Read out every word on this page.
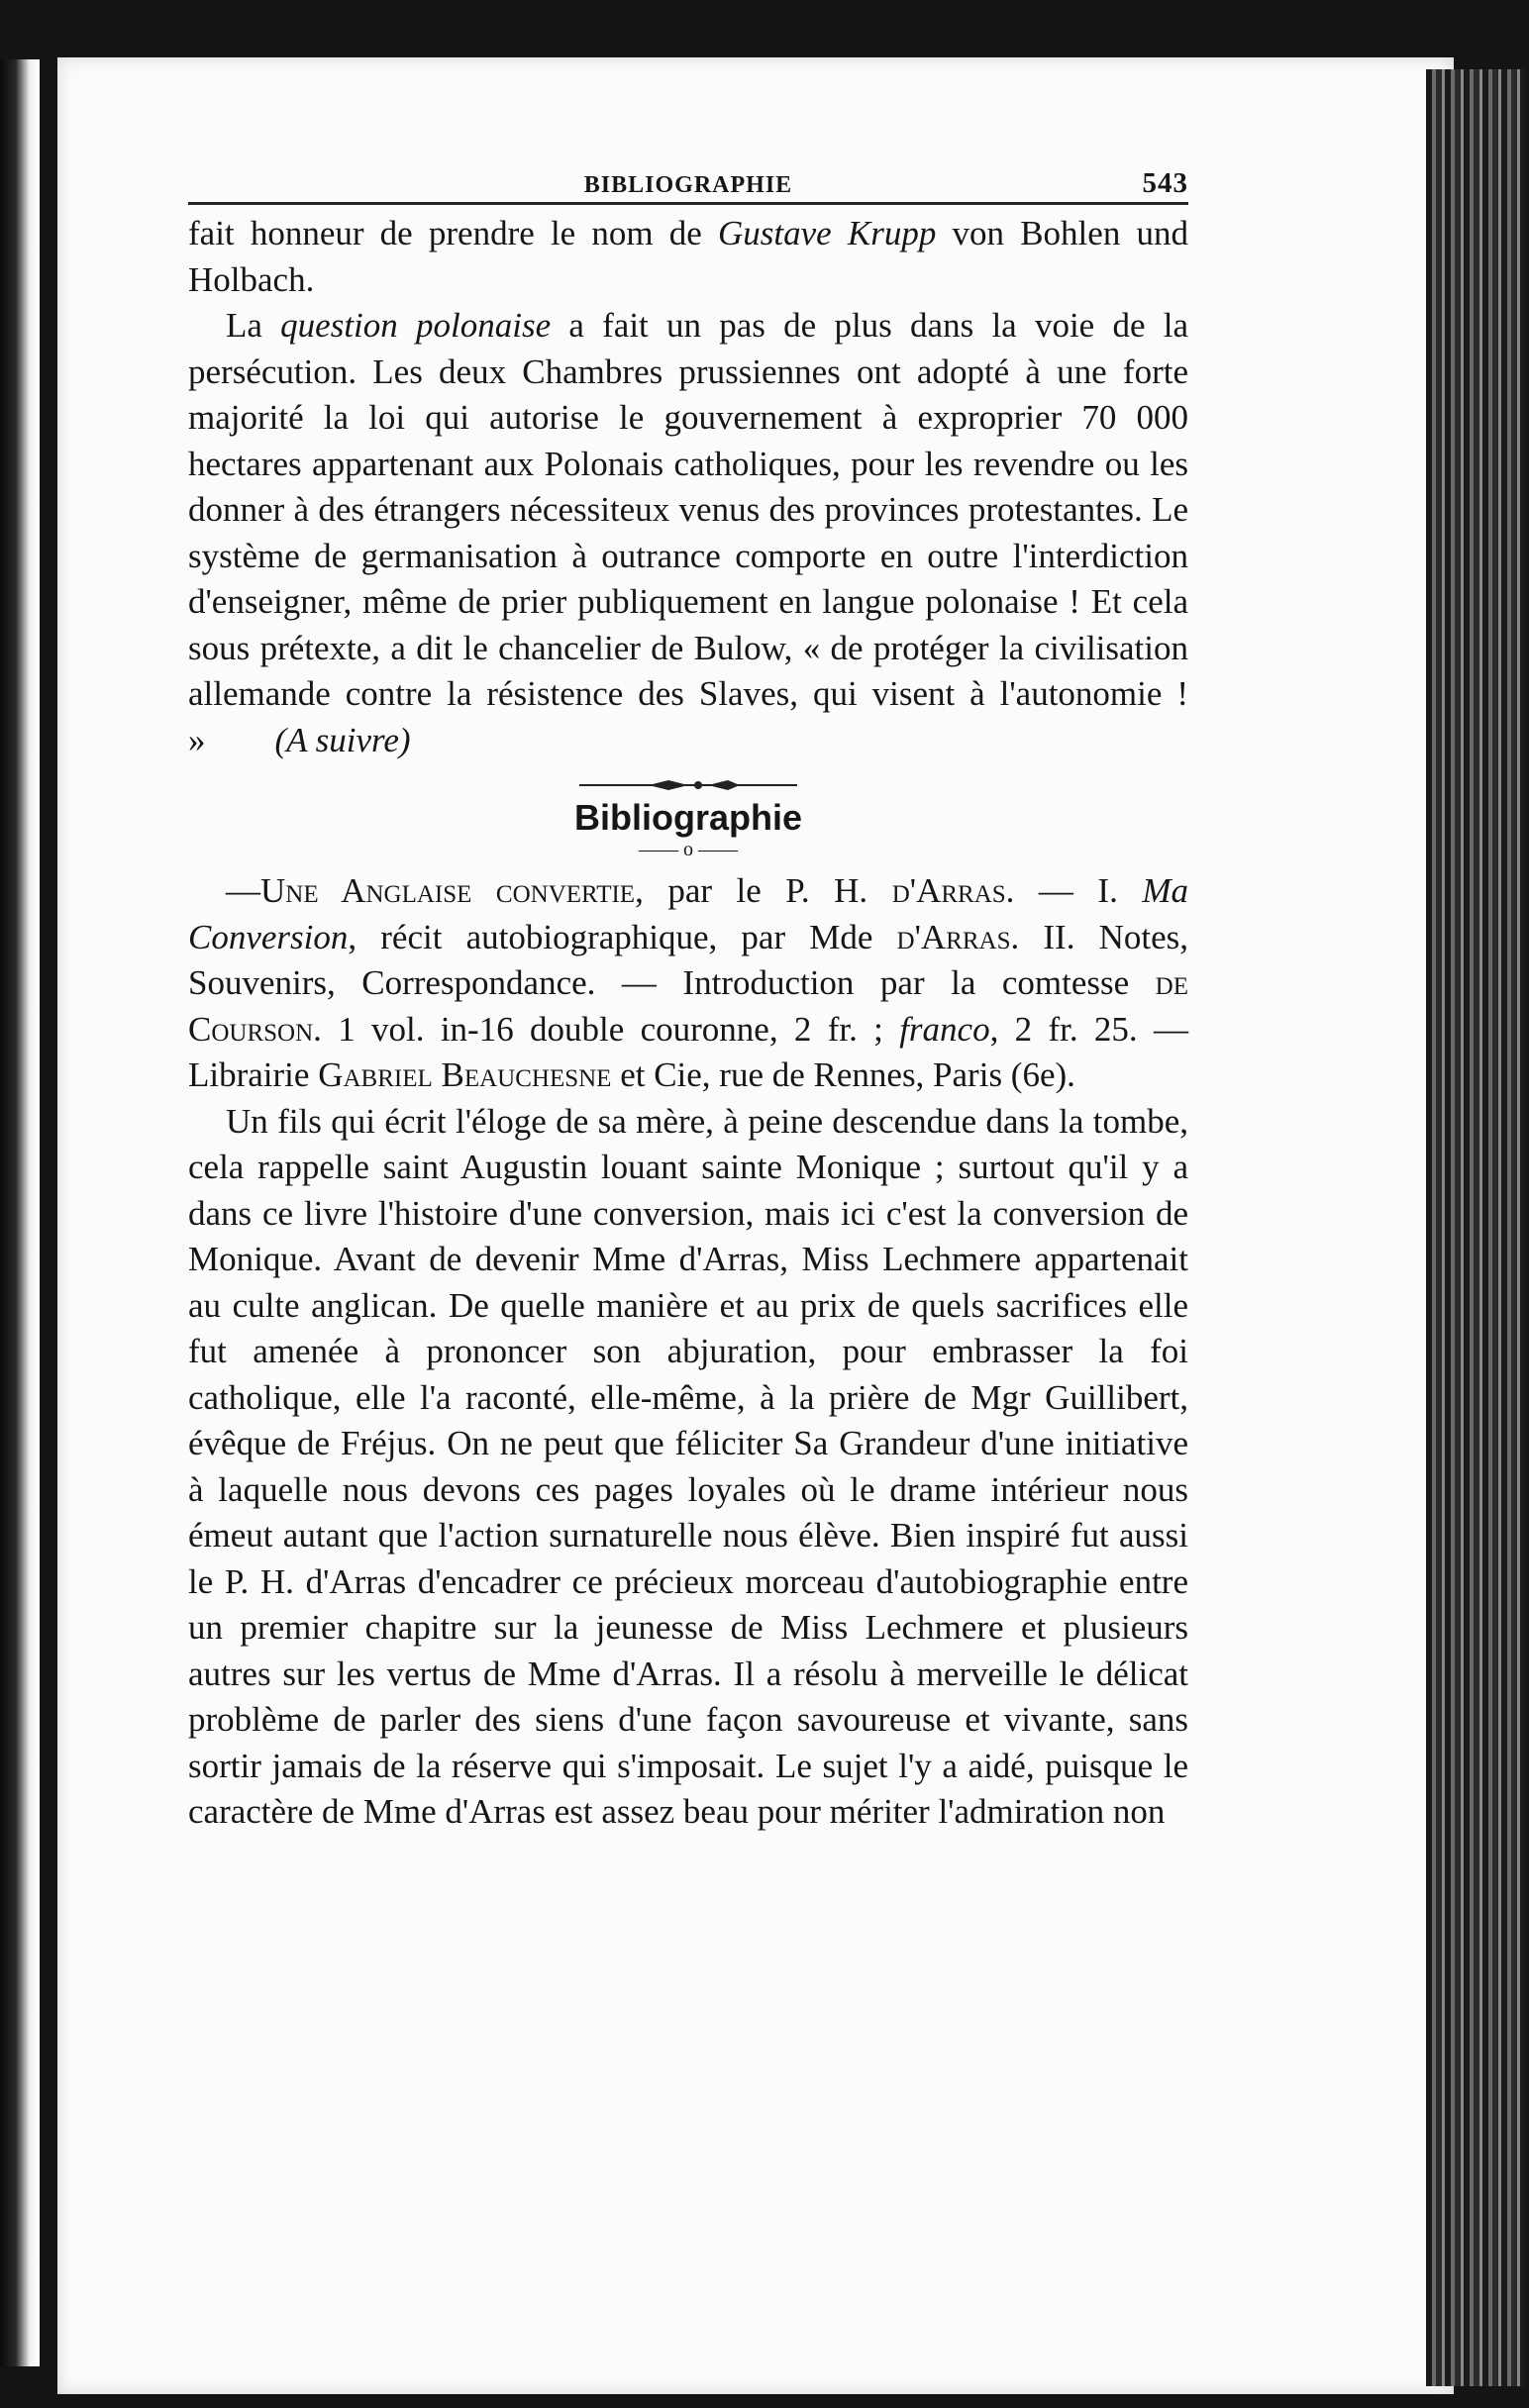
BIBLIOGRAPHIE	543

fait honneur de prendre le nom de Gustave Krupp von Bohlen und Holbach.

La question polonaise a fait un pas de plus dans la voie de la persécution. Les deux Chambres prussiennes ont adopté à une forte majorité la loi qui autorise le gouvernement à exproprier 70 000 hectares appartenant aux Polonais catholiques, pour les revendre ou les donner à des étrangers nécessiteux venus des provinces protestantes. Le système de germanisation à outrance comporte en outre l'interdiction d'enseigner, même de prier publiquement en langue polonaise ! Et cela sous prétexte, a dit le chancelier de Bulow, « de protéger la civilisation allemande contre la résistence des Slaves, qui visent à l'autonomie ! » (A suivre)

Bibliographie
—— o ——

—Une Anglaise convertie, par le P. H. d'Arras. — I. Ma Conversion, récit autobiographique, par Mde d'Arras. II. Notes, Souvenirs, Correspondance. — Introduction par la comtesse de Courson. 1 vol. in-16 double couronne, 2 fr. ; franco, 2 fr. 25. — Librairie Gabriel Beauchesne et Cie, rue de Rennes, Paris (6e).

Un fils qui écrit l'éloge de sa mère, à peine descendue dans la tombe, cela rappelle saint Augustin louant sainte Monique ; surtout qu'il y a dans ce livre l'histoire d'une conversion, mais ici c'est la conversion de Monique. Avant de devenir Mme d'Arras, Miss Lechmere appartenait au culte anglican. De quelle manière et au prix de quels sacrifices elle fut amenée à prononcer son abjuration, pour embrasser la foi catholique, elle l'a raconté, elle-même, à la prière de Mgr Guillibert, évêque de Fréjus. On ne peut que féliciter Sa Grandeur d'une initiative à laquelle nous devons ces pages loyales où le drame intérieur nous émeut autant que l'action surnaturelle nous élève. Bien inspiré fut aussi le P. H. d'Arras d'encadrer ce précieux morceau d'autobiographie entre un premier chapitre sur la jeunesse de Miss Lechmere et plusieurs autres sur les vertus de Mme d'Arras. Il a résolu à merveille le délicat problème de parler des siens d'une façon savoureuse et vivante, sans sortir jamais de la réserve qui s'imposait. Le sujet l'y a aidé, puisque le caractère de Mme d'Arras est assez beau pour mériter l'admiration non
